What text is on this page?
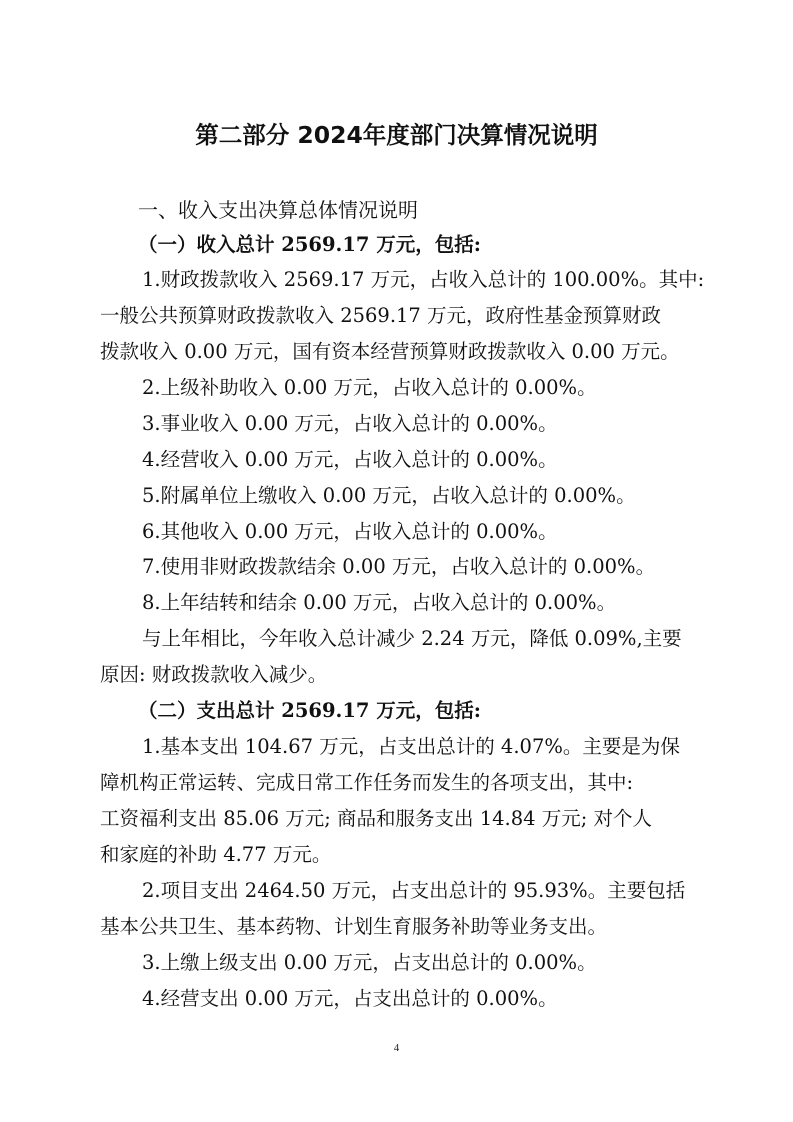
第二部分 2024年度部门决算情况说明
一、收入支出决算总体情况说明
（一）收入总计 2569.17 万元，包括:
1.财政拨款收入 2569.17 万元，占收入总计的 100.00%。其中:
一般公共预算财政拨款收入 2569.17 万元，政府性基金预算财政
拨款收入 0.00 万元，国有资本经营预算财政拨款收入 0.00 万元。
2.上级补助收入 0.00 万元，占收入总计的 0.00%。
3.事业收入 0.00 万元，占收入总计的 0.00%。
4.经营收入 0.00 万元，占收入总计的 0.00%。
5.附属单位上缴收入 0.00 万元，占收入总计的 0.00%。
6.其他收入 0.00 万元，占收入总计的 0.00%。
7.使用非财政拨款结余 0.00 万元，占收入总计的 0.00%。
8.上年结转和结余 0.00 万元，占收入总计的 0.00%。
与上年相比，今年收入总计减少 2.24 万元，降低 0.09%,主要
原因: 财政拨款收入减少。
（二）支出总计 2569.17 万元，包括:
1.基本支出 104.67 万元，占支出总计的 4.07%。主要是为保
障机构正常运转、完成日常工作任务而发生的各项支出，其中:
工资福利支出 85.06 万元; 商品和服务支出 14.84 万元; 对个人
和家庭的补助 4.77 万元。
2.项目支出 2464.50 万元，占支出总计的 95.93%。主要包括
基本公共卫生、基本药物、计划生育服务补助等业务支出。
3.上缴上级支出 0.00 万元，占支出总计的 0.00%。
4.经营支出 0.00 万元，占支出总计的 0.00%。
4
